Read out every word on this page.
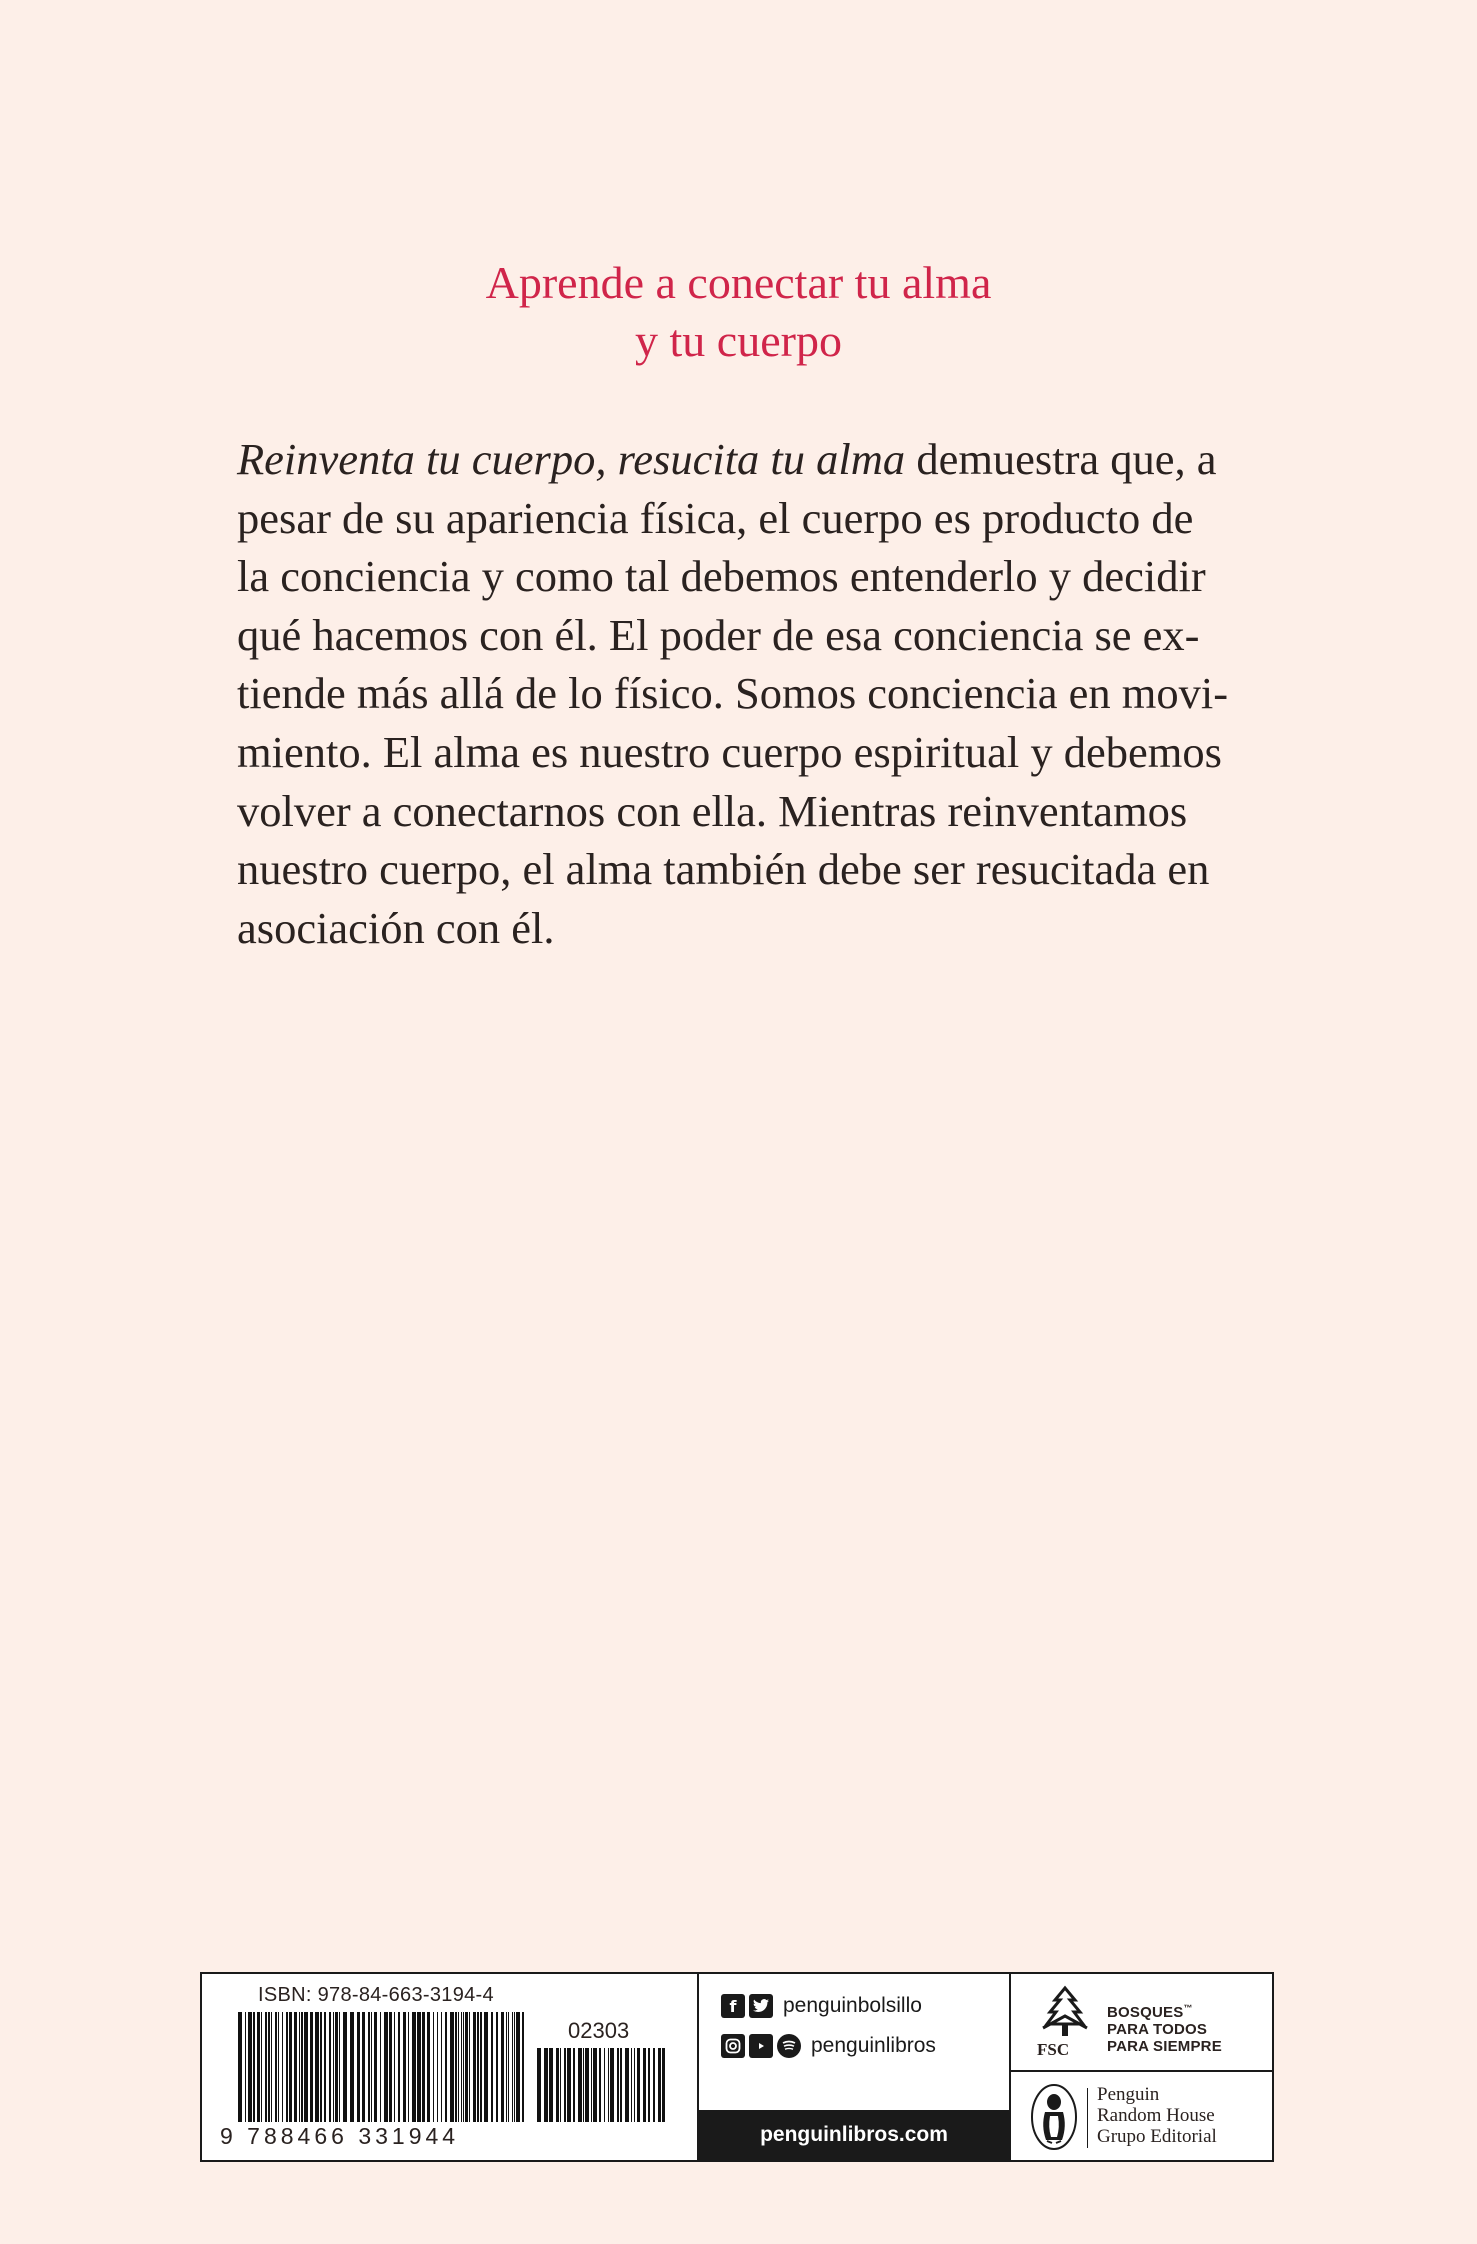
Aprende a conectar tu alma
y tu cuerpo
Reinventa tu cuerpo, resucita tu alma demuestra que, a
pesar de su apariencia física, el cuerpo es producto de
la conciencia y como tal debemos entenderlo y decidir
qué hacemos con él. El poder de esa conciencia se ex-
tiende más allá de lo físico. Somos conciencia en movi-
miento. El alma es nuestro cuerpo espiritual y debemos
volver a conectarnos con ella. Mientras reinventamos
nuestro cuerpo, el alma también debe ser resucitada en
asociación con él.
ISBN: 978-84-663-3194-4
02303
9 788466 331944
f	penguinbolsillo
penguinlibros
penguinlibros.com
FSC
BOSQUES™
PARA TODOS
PARA SIEMPRE
Penguin
Random House
Grupo Editorial
